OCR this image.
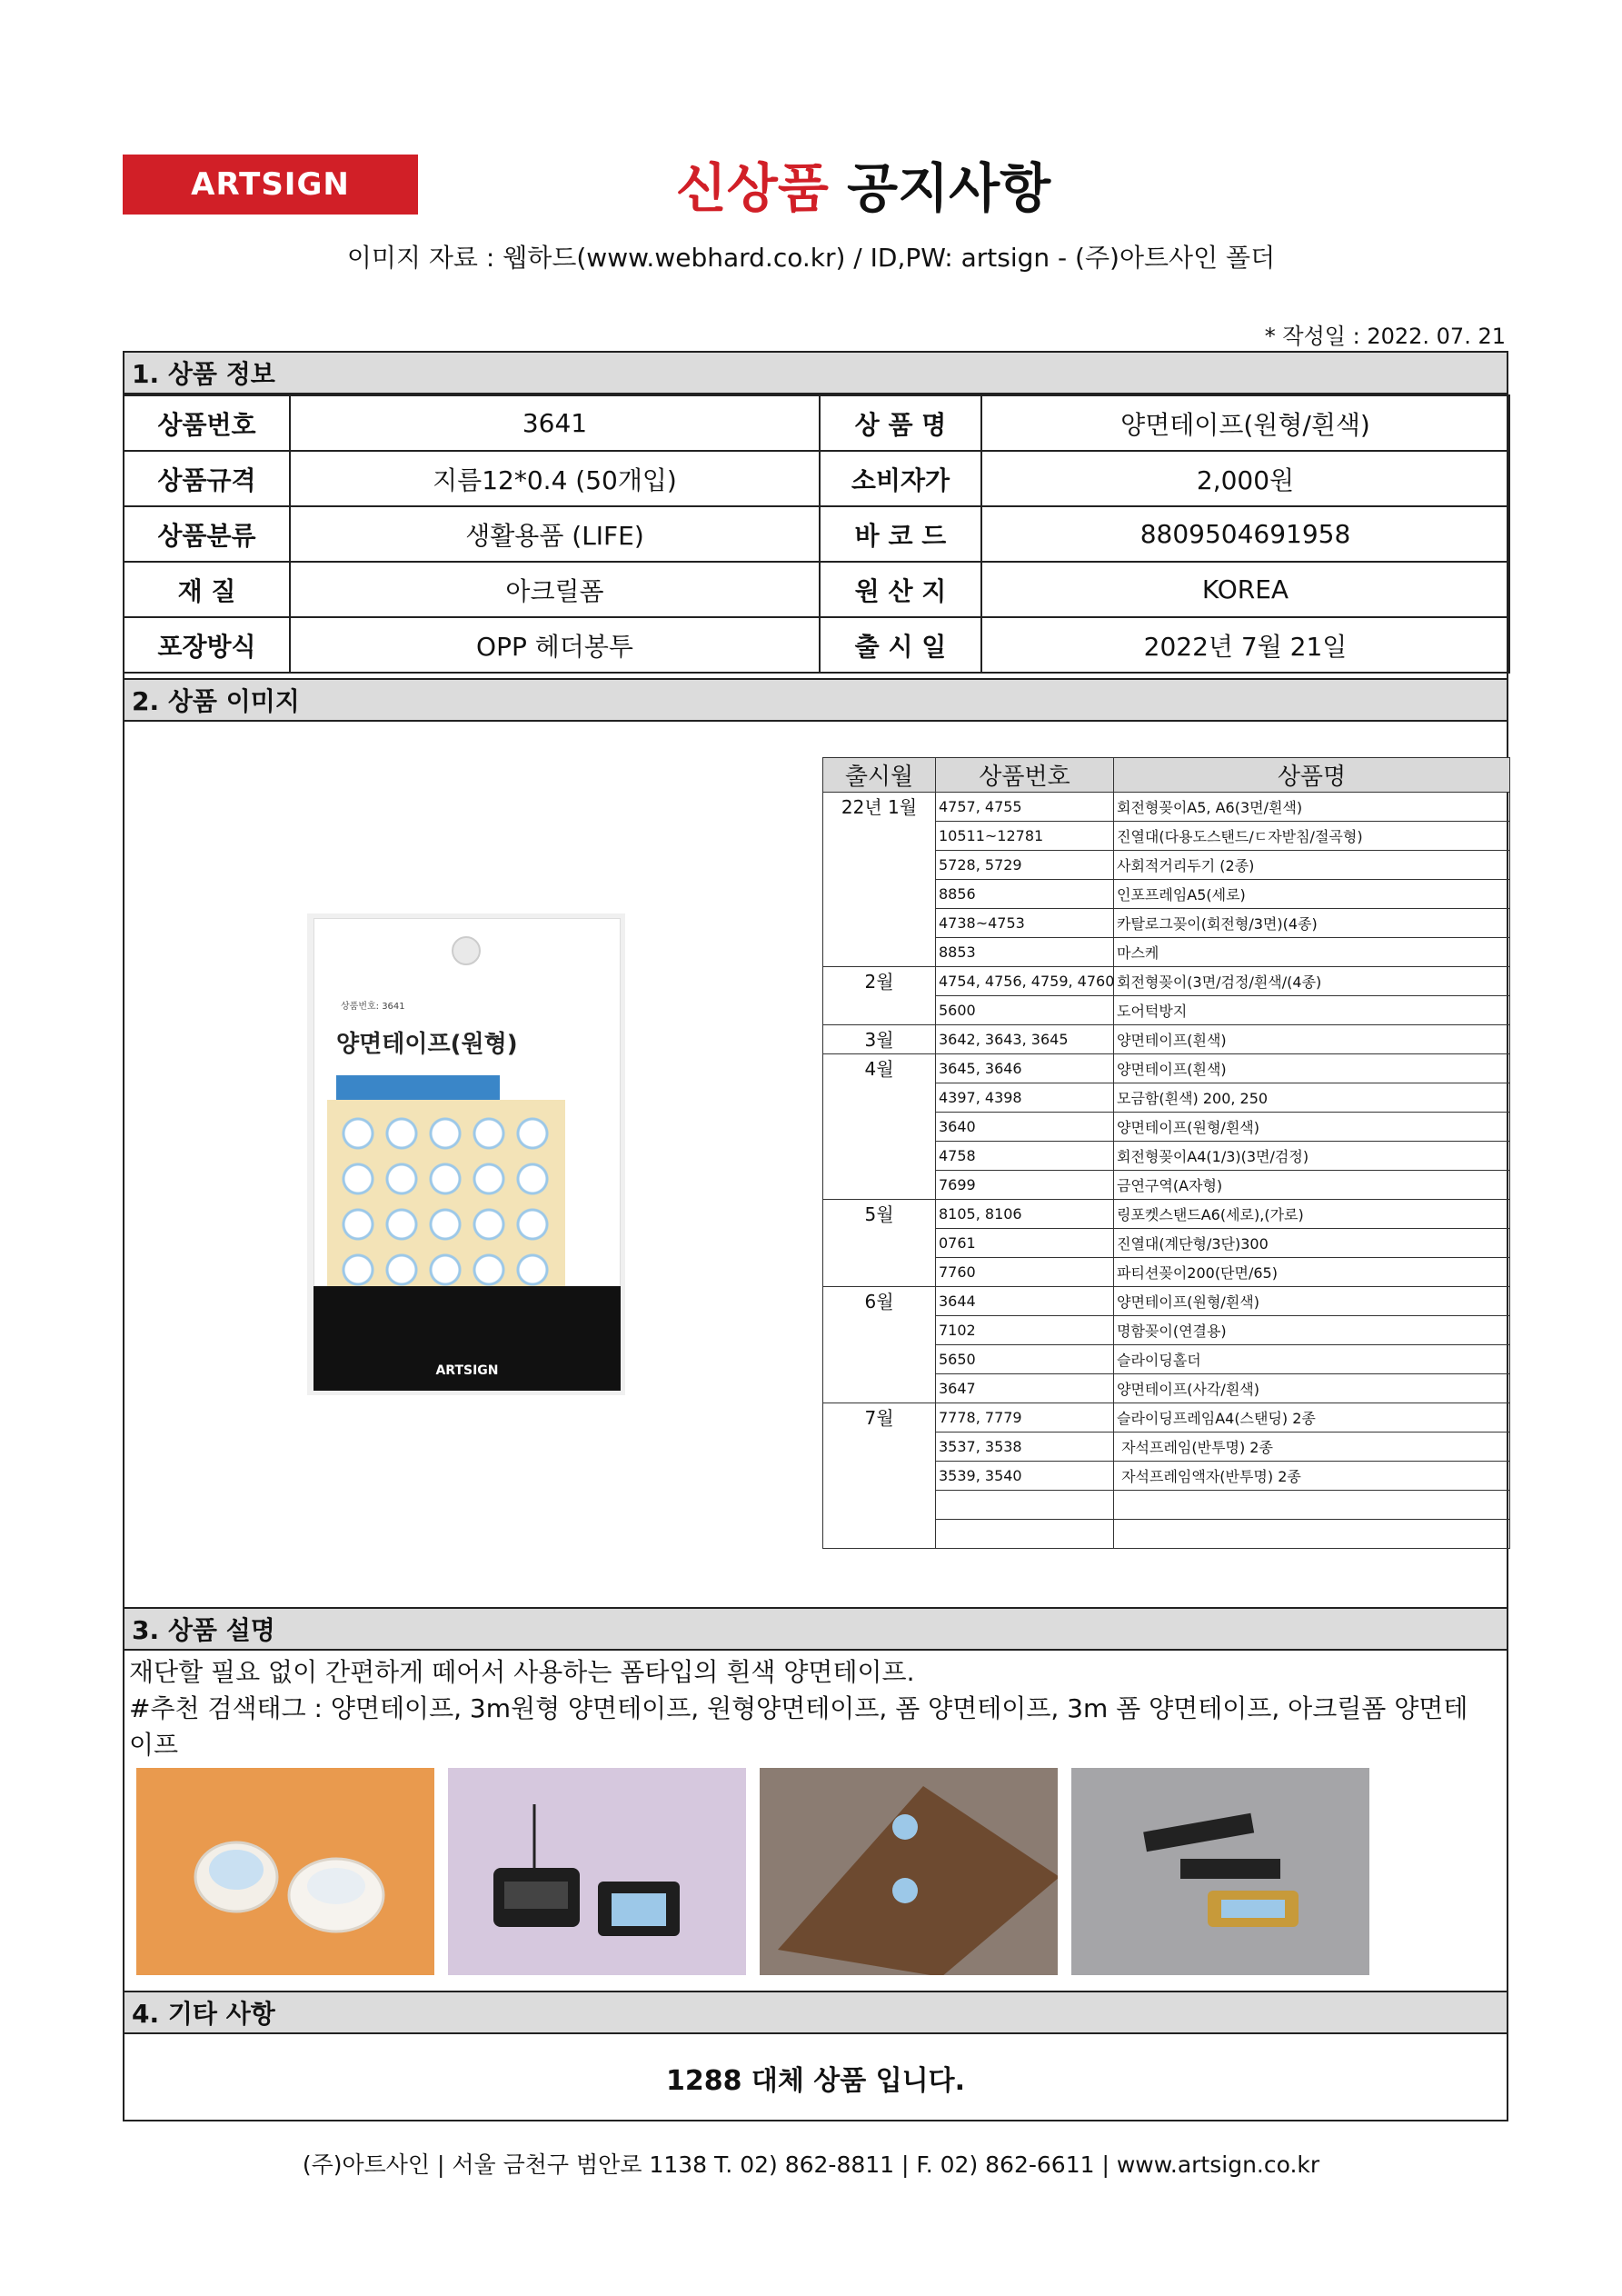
ARTSIGN	신상품 공지사항
이미지 자료 : 웹하드(www.webhard.co.kr) / ID,PW: artsign - (주)아트사인 폴더
* 작성일 : 2022. 07. 21
1. 상품 정보
상품번호	3641	상 품 명	양면테이프(원형/흰색)
상품규격	지름12*0.4 (50개입)	소비자가	2,000원
상품분류	생활용품 (LIFE)	바 코 드	8809504691958
재 질	아크릴폼	원 산 지	KOREA
포장방식	OPP 헤더봉투	출 시 일	2022년 7월 21일
2. 상품 이미지
상품번호: 3641
양면테이프(원형)
ARTSIGN
출시월	상품번호	상품명
22년 1월	4757, 4755	회전형꽂이A5, A6(3면/흰색)
	10511~12781	진열대(다용도스탠드/ㄷ자받침/절곡형)
	5728, 5729	사회적거리두기 (2종)
	8856	인포프레임A5(세로)
	4738~4753	카탈로그꽂이(회전형/3면)(4종)
	8853	마스케
2월	4754, 4756, 4759, 4760	회전형꽂이(3면/검정/흰색/(4종)
	5600	도어턱방지
3월	3642, 3643, 3645	양면테이프(흰색)
4월	3645, 3646	양면테이프(흰색)
	4397, 4398	모금함(흰색) 200, 250
	3640	양면테이프(원형/흰색)
	4758	회전형꽂이A4(1/3)(3면/검정)
	7699	금연구역(A자형)
5월	8105, 8106	링포켓스탠드A6(세로),(가로)
	0761	진열대(계단형/3단)300
	7760	파티션꽂이200(단면/65)
6월	3644	양면테이프(원형/흰색)
	7102	명함꽂이(연결용)
	5650	슬라이딩홀더
	3647	양면테이프(사각/흰색)
7월	7778, 7779	슬라이딩프레임A4(스탠딩) 2종
	3537, 3538	자석프레임(반투명) 2종
	3539, 3540	자석프레임액자(반투명) 2종

3. 상품 설명
재단할 필요 없이 간편하게 떼어서 사용하는 폼타입의 흰색 양면테이프.
#추천 검색태그 : 양면테이프, 3m원형 양면테이프, 원형양면테이프, 폼 양면테이프, 3m 폼 양면테이프, 아크릴폼 양면테이프
4. 기타 사항
1288 대체 상품 입니다.
(주)아트사인 | 서울 금천구 범안로 1138 T. 02) 862-8811 | F. 02) 862-6611 | www.artsign.co.kr
